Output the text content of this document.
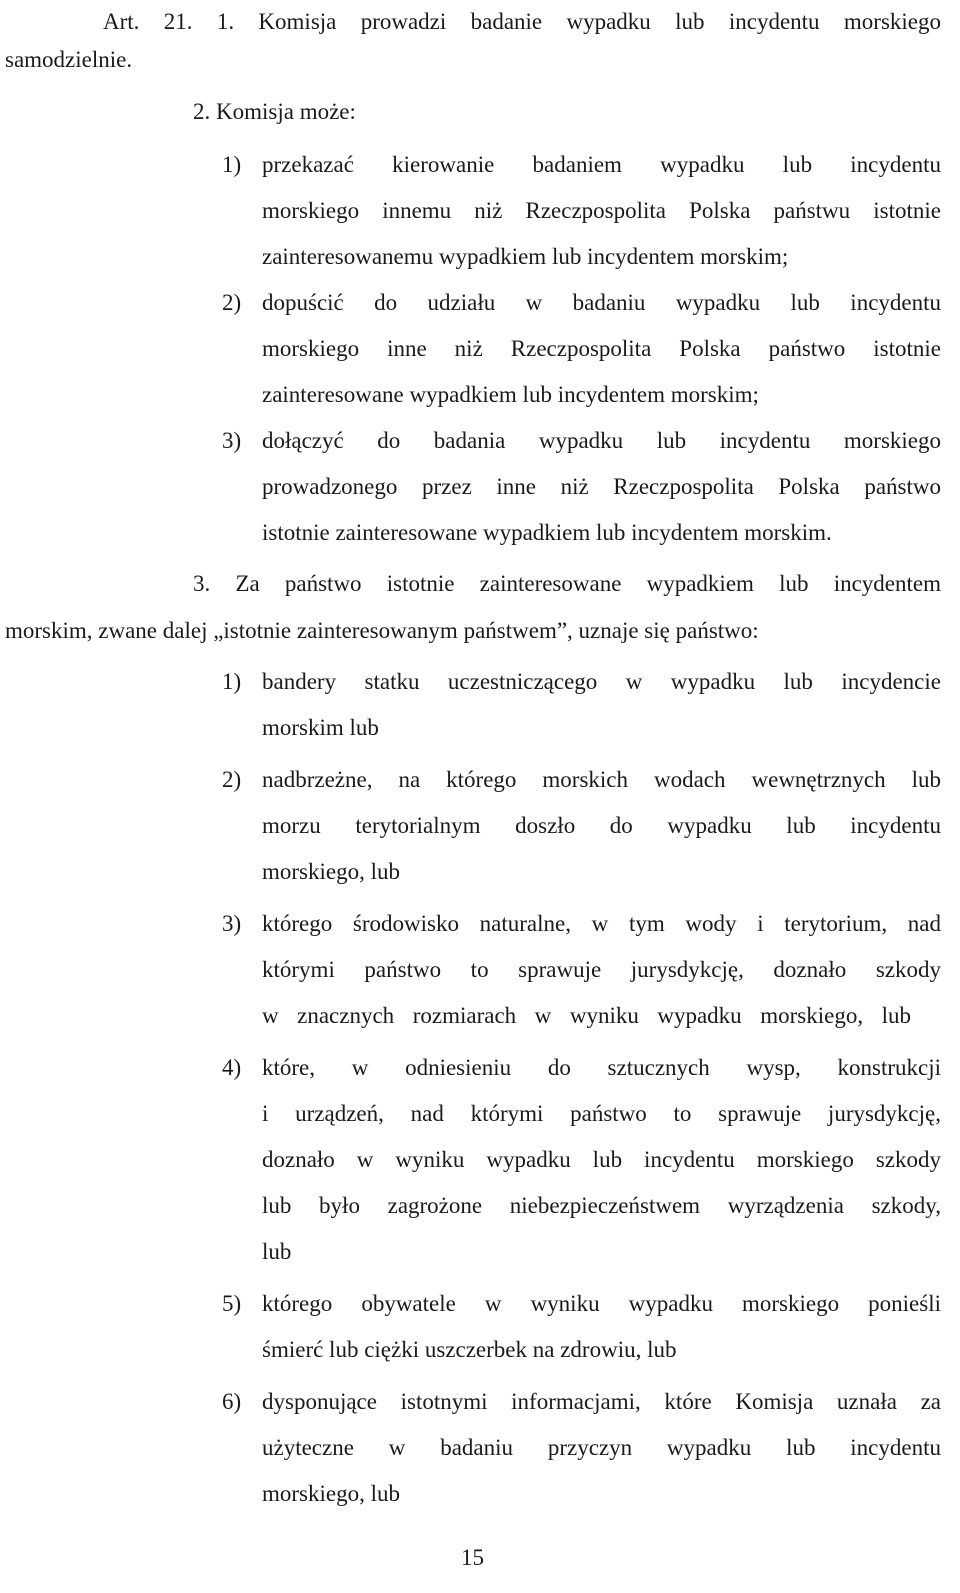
Art. 21. 1. Komisja prowadzi badanie wypadku lub incydentu morskiego
samodzielnie.
2. Komisja może:
1) przekazać kierowanie badaniem wypadku lub incydentu
morskiego innemu niż Rzeczpospolita Polska państwu istotnie
zainteresowanemu wypadkiem lub incydentem morskim;
2) dopuścić do udziału w badaniu wypadku lub incydentu
morskiego inne niż Rzeczpospolita Polska państwo istotnie
zainteresowane wypadkiem lub incydentem morskim;
3) dołączyć do badania wypadku lub incydentu morskiego
prowadzonego przez inne niż Rzeczpospolita Polska państwo
istotnie zainteresowane wypadkiem lub incydentem morskim.
3. Za państwo istotnie zainteresowane wypadkiem lub incydentem
morskim, zwane dalej „istotnie zainteresowanym państwem”, uznaje się państwo:
1) bandery statku uczestniczącego w wypadku lub incydencie
morskim lub
2) nadbrzeżne, na którego morskich wodach wewnętrznych lub
morzu terytorialnym doszło do wypadku lub incydentu
morskiego, lub
3) którego środowisko naturalne, w tym wody i terytorium, nad
którymi państwo to sprawuje jurysdykcję, doznało szkody
w znacznych rozmiarach w wyniku wypadku morskiego, lub
4) które, w odniesieniu do sztucznych wysp, konstrukcji
i urządzeń, nad którymi państwo to sprawuje jurysdykcję,
doznało w wyniku wypadku lub incydentu morskiego szkody
lub było zagrożone niebezpieczeństwem wyrządzenia szkody,
lub
5) którego obywatele w wyniku wypadku morskiego ponieśli
śmierć lub ciężki uszczerbek na zdrowiu, lub
6) dysponujące istotnymi informacjami, które Komisja uznała za
użyteczne w badaniu przyczyn wypadku lub incydentu
morskiego, lub
15
